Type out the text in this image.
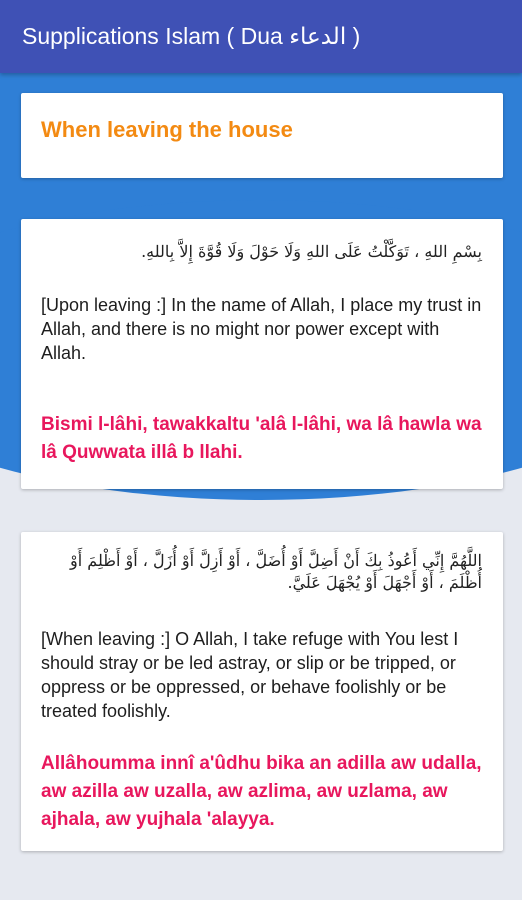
Supplications Islam ( Dua الدعاء )
When leaving the house
بِسْمِ اللهِ ، تَوَكَّلْتُ عَلَى اللهِ وَلَا حَوْلَ وَلَا قُوَّةَ إِلاَّ بِاللهِ.
[Upon leaving :] In the name of Allah, I place my trust in Allah, and there is no might nor power except with Allah.
Bismi l-lâhi, tawakkaltu 'alâ l-lâhi, wa lâ hawla wa lâ Quwwata illâ b llahi.
اللَّهُمَّ إِنِّي أَعُوذُ بِكَ أَنْ أَضِلَّ أَوْ أُضَلَّ ، أَوْ أَزِلَّ أَوْ أُزَلَّ ، أَوْ أَظْلِمَ أَوْ أُظْلَمَ ، أَوْ أَجْهَلَ أَوْ يُجْهَلَ عَلَيَّ.
[When leaving :] O Allah, I take refuge with You lest I should stray or be led astray, or slip or be tripped, or oppress or be oppressed, or behave foolishly or be treated foolishly.
Allâhoumma innî a'ûdhu bika an adilla aw udalla, aw azilla aw uzalla, aw azlima, aw uzlama, aw ajhala, aw yujhala 'alayya.
